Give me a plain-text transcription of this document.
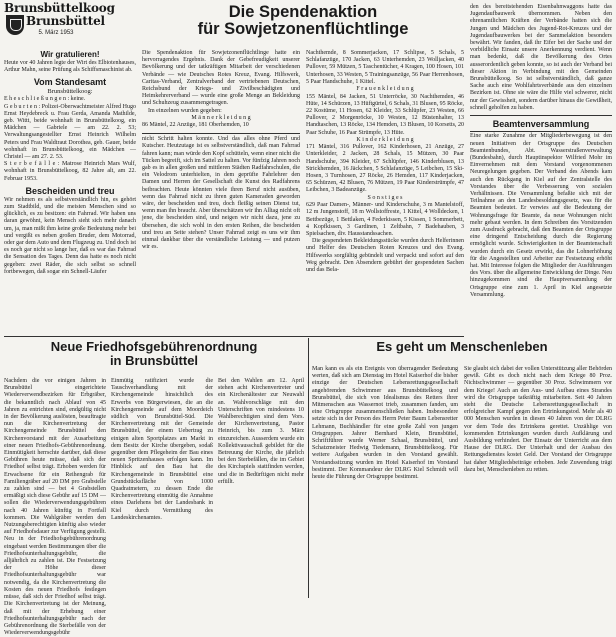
Brunsbüttelkoog
Brunsbüttel
5. März 1953
Wir gratulieren!

Heute vor 40 Jahren legte der Wirt des Elbiotenhauses, Arthur Mahn, seine Prüfung als Schiffsmaschinist ab.

Vom Standesamt
Brunsbüttelkoog:

E h e s c h l i e ß u n g e n : keine.

G e b u r t e n : Polizei-Oberwachtmeister Alfred Hugo Ernst Heydebreck u. Frau Gerda, Amanda Mathilde, geb. Wittt, beide wohnhaft in Brunsbüttelkoog, ein Mädchen — Gabriele — am 22. 2. 53; Verwaltungsangestellter Ernst Heinrich Wilhelm Peters und Frau Waldtraut Dorothea, geb. Gauer, beide wohnhaft in Brunsbüttelkoog, ein Mädchen — Christel — am 27. 2. 53.

S t e r b e f ä l l e : Matrose Heinrich Mars Wulf, wohnhaft in Brunsbüttelkoog, 82 Jahre alt, am 22. Februar 1953.

Bescheiden und treu

Wir nehmen es als selbstverständlich hin, es gehört zum Stadtbild, und die meisten Menschen sind so glücklich, es zu besitzen: ein Fahrrad. Wir haben uns daran gewöhnt, kein Mensch sieht sich mehr danach um, ja, man mißt ihm keine große Bedeutung mehr bei und vergißt es neben großen Bruder, dem Motorrad, oder gar dem Auto und dem Flugzeug zu. Und doch ist es noch gar nicht so lange her, daß es war das Fahrrad die Sensation des Tages. Denn das hatte es noch nicht gegeben: zwei Räder, die sich selbst so schnell fortbewegen, daß sogar ein Schnell-Läufer

Die Spendenaktion
für Sowjetzonenflüchtlinge

Die Spendenaktion für Sowjetzonenflüchtlinge hatte ein hervorragendes Ergebnis. Dank der Gebefreudigkeit unserer Bevölkerung und der tatkräftigen Mitarbeit der verschiedenen Verbände — wie Deutsches Rotes Kreuz, Evang. Hilfswerk, Caritas-Verband, Zentralverband der vertriebenen Deutschen, Reichsbund der Kriegs- und Zivilbeschädigten und Heimkehrerverband — wurde eine große Menge an Bekleidung und Schuhzeug zusammengetragen.

Im einzelnen wurden gegeben:

M ä n n e r k l e i d u n g

86 Mäntel, 22 Anzüge, 181 Oberhemden, 10

nicht Schritt halten konnte. Und das alles ohne Pferd und Kutscher. Heutzutage ist es selbstverständlich, daß man Fahrrad fahren kann; man würde den Kopf schütteln, wenn einer nicht die Tücken begreift, sich im Sattel zu halten. Vor fünfzig Jahren noch gab es in allen großen und mittleren Städten Radfahrschulen, die ein Velodrom unterhielten, in dem geprüfte Fahrlehrer den Damen und Herren der Gesellschaft die Kunst des Radfahrens beibrachten. Heute könnten viele ihren Beruf nicht ausüben, wenn das Fahrrad nicht zu ihren guten Kameraden geworden wäre, der bescheiden und treu, doch fleißig seinen Dienst tut, wenn man ihn braucht. Aber überschätzen wir ihn Alltag nicht oft jene, die bescheiden sind, und neigen wir nicht dazu, jene zu übersehen, die sich wohl in den ersten Reihen, die bescheiden und treu an Seite stehen? Unser Fahrrad zeigt es uns wir ihm einmal dankbar über die verständliche Leistung — und putzen wir es.

Nachthemde, 8 Sommerjacken, 17 Schlipse, 5 Schals, 5 Schlafanzüge, 170 Jacken, 63 Unterhemden, 23 Wolljacken, 40 Pullover, 59 Mützen, 5 Taschentücher, 4 Kragen, 100 Hosen, 101 Unterhosen, 33 Westen, 5 Trainingsanzüge, 56 Paar Herrenhosen, 5 Paar Handschuhe, 1 Kittel.

F r a u e n k l e i d u n g

155 Mäntel, 84 Jacken, 51 Unterröcke, 30 Nachthemden, 46 Hüte, 14 Schürzen, 13 Hüftgürtel, 6 Schals, 31 Blusen, 95 Röcke, 22 Kostüme, 11 Hosen, 62 Kleider, 33 Schlüpfer, 23 Westen, 66 Pullover, 2 Morgenröcke, 10 Westen, 12 Büstenhalter, 13 Handtaschen, 13 Röcke, 134 Hemden, 13 Blusen, 10 Korsetts, 20 Paar Schuhe, 16 Paar Strümpfe, 13 Hüte.

K i n d e r k l e i d u n g

171 Mäntel, 316 Pullover, 162 Kinderhosen, 21 Anzüge, 27 Unterkleider, 2 Jacken, 28 Schals, 15 Mützen, 30 Paar Handschuhe, 394 Kleider, 67 Schlüpfer, 146 Kinderblusen, 13 Strickhemden, 16 Jäckchen, 5 Schlafanzüge, 5 Leibchen, 15 Ski-Hosen, 3 Turnhosen, 27 Röcke, 26 Hemden, 117 Kinderjacken, 65 Schürzen, 42 Blusen, 76 Mützen, 19 Paar Kinderstrümpfe, 47 Leibchen, 3 Badeanzüge.

S o n s t i g e s

629 Paar Damen-, Männer- und Kinderschuhe, 3 m Mantelstoff, 12 m Jungenstoff, 18 m Wollstoffreste, 1 Kittel, 4 Wolldecken, 1 Bettbezüge, 1 Bettlaken, 4 Federkissen, 5 Kissen, 1 Sommerbett, 4 Kopfkissen, 3 Gardinen, 1 Zeltbahn, 7 Badehauben, 3 Spielsachen, div. Hausstandssachen.

Die gespendeten Bekleidungsstücke wurden durch Helferinnen und Helfer des Deutschen Roten Kreuzes und des Evang. Hilfswerks sorgfältig gebündelt und verpackt und sofort auf den Weg gebracht. Den Absendern gebührt der gespendeten Sachen und das Bela-

den des bereitstehenden Eisenbahnwaggons hatte das Jugendaufbauwerk übernommen. Neben den ehrenamtlichen Kräften der Verbände hatten sich die Jungen und Mädchen des Jugend-Rot-Kreuzes und der Jugendaufbauwerkes bei der Sammelaktion besonders bewährt. Wir fanden, daß ihr Eifer bei der Sache und der vorbildliche Einsatz unsere Anerkennung verdient. Wenn man bedenkt, daß die Bevölkerung des Ortes ausserordentlich geben konnte, so ist auch der Verband bei dieser Aktion in Verbindung mit den Gemeinden Brunsbüttelkoog. So ist selbstverständlich, daß ganze Sache auch eine Wohlfahrtsverbände aus den einzelnen Bezirken ist. Ohne sie wäre die Hilfe viel schwerer, nicht nur der Gewissheit, sondern darüber hinaus die Gewißheit, schnell geholfen zu haben.

Beamtenversammlung

Eine starke Zunahme der Mitgliederbewegung ist den neuen Initiativen der Ortsgruppe des Deutschen Beamtenbundes, Abt. Wasserstraßenverwaltung (Bundesbahn), durch Hauptinspektor Wilfried Mohr im Einvernehmen mit dem Vorstand vorgenommenen Neuregelungen gegeben. Der Verband des Abends kam auch den Rückgang in Kiel auf der Zentralstelle des Vorstandes über die Verbesserung von sozialen Verhältnissen. Die Versammlung befaßte sich mit der Teilnahme an den Landesbesoldungsgesetz, was für die Beamten bedeutet. Er verwies auf die Bedeutung der Wohnungsfrage für Beamte, da neue Wohnungen nicht mehr gebaut werden. In dem Schreiben des Vorsitzenden zum Ausdruck gebracht, daß den Beamten der Ortsgruppe eine dringend Entscheidung durch die Regierung ermöglicht wurde. Schwierigkeiten in der Beamtenschaft wurden durch ein Gesetz erwirkt, das die Lohnerhöhung für die Angestellten und Arbeiter zur Festsetzung erhöht hat. Mit Interesse folgten die Mitglieder der Ausführungen des Vors. über die allgemeine Entwicklung der Dinge. Neu hinzugekommen sind die Hauptversammlung der Ortsgruppe eine zum 1. April in Kiel angesetzte Versammlung.

Neue Friedhofsgebührenordnung
in Brunsbüttel

Nachdem die vor einigen Jahren in Brunsbüttel eingerichtete Wiederverwendbezirken für Erbgräber, die bekanntlich nach Ablauf von 45 Jahren zu entrichten sind, endgültig nicht in der Bevölkerung auslösten, beauftragte nun die Kirchenvertretung der Kirchengemeinde Brunsbüttel den Kirchenvorstand mit der Ausarbeitung einer neuen Friedhofs-Gebührenordnung. Einmütigkeit herrschte darüber, daß diese Gebühren heute müsse, daß sich der Friedhof selbst trägt. Erhoben werden für Erwachsene für ein Reihengrab für Familiengräber auf 20 DM pro Grabstelle zu zahlen sind — bei 4 Grabstellen ermäßigt sich diese Gebühr auf 15 DM — sollen die Wiederverwendungsgebühren nach 40 Jahren künftig in Fortfall kommen. Die Wahlgräber werden den Nutzungsberechtigten künftig also wieder auf Friedhofsdauer zur Verfügung gestellt. Neu in der Friedhofsgebührenordnung eingebaut werden Bestimmungen über die Friedhofsunterhaltungsgebühr, die alljährlich zu zahlen ist. Die Festsetzung der Höhe dieser Friedhofsunterhaltungsgebühr war notwendig, da die Kirchenvertretung die Kosten des neuen Friedhofs festlegen müsse, daß sich der Friedhof selbst trägt. Die Kirchenvertretung ist der Meinung, daß mit der Erhebung einer Friedhofsunterhaltungsgebühr nach der Gebührenordnung die Sterbefälle von der Wiederverwendungsgebühr

Einmütig ratifiziert wurde die Tauschverhandlung mit der Kirchengemeinde hinsichtlich des Erwerbs von Bürgerwiesen, die an die Kirchengemeinde auf dem Moordeich südlich von Brunsbüttel-Süd. Die Kirchenvertretung mit der Gemeinde Brunsbüttel, der einem Uebertrag zu einigen alten Sportplatzes am Markt in dem Besitz der Kirche übergeben, sodaß gegenüber dem Pflegeheim der Bau eines neuen Spritzenhauses erfolgen kann. Im Hinblick auf den Bau hat die Kirchengemeinde in Brunsbüttel eine Grundstücksfläche von 1000 Quadratmetern, zu dessen Ende die Kirchenvertretung einmütig die Annahme eines Darlehens bei der Landesbank in Kiel durch Vermittlung des Landeskirchenamtes.

Bei den Wahlen am 12. April stehen acht Kirchenvertreter und ein Kirchenältester zur Neuwahl an. Wahlvorschläge mit den Unterschriften von mindestens 10 Wahlberechtigten sind dem Vors. der Kirchenvertretung, Pastor Heinrich, bis zum 3. März einzureichen. Ausserdem wurde ein Kollektivausschuß gebildet für die Betreuung der Kirche, die jährlich bei den Sterbefällen, die im Gebiet des Kirchspiels stattfinden werden, und die in Bedürftigen nicht mehr erfüllt.

Es geht um Menschenleben

Man kann es als ein Ereignis von überragender Bedeutung werten, daß sich am Dienstag im Hotel Kaiserhof die bisher einzige der Deutschen Lebensrettungsgesellschaft angehörenden Schwimmer aus Brunsbüttelkoog und Brunsbüttel, die sich von Idealismus des Retters ihrer Mitmenschen aus Wassernot trieb, zusammen fanden, um eine Ortsgruppe zusammenschließen haben. Insbesondere setzte sich in der Person des Herrn Peter Baum Lebensretter Lehmann, Buchhändler für eine große Zahl von jungen Ortsgruppen. Jahrer Bernhard Klein, Brunsbüttel, Schriftführer wurde Werner Schaal, Brunsbüttel, und Schatzmeister Hedwig Tiedemann, Brunsbüttelkoog. Für weitere Aufgaben wurden in den Vorstand gewählt. Vorstandssitzung wurden im Hotel Kaiserhof im Vorstand bestimmt. Der Kommandeur der DLRG Kiel Schmidt will heute die Führung der Ortsgruppe bestimmt.

Sie glaubt sich dabei der vollen Unterstützung aller Behörden gewiß. Gibt es doch nicht nach dem Kriege 80 Proz. Nichtschwimmer — gegenüber 30 Proz. Schwimmern vor dem Kriege! Auch an den Aus- und Aufbau eines Strandes wird die Ortsgruppe tatkräftig mitarbeiten. Seit 40 Jahren steht die Deutsche Lebensrettungsgesellschaft in erfolgreicher Kampf gegen den Ertrinkungstod. Mehr als 40 000 Menschen wurden in diesen 40 Jahren von der DLRG vor dem Tode des Ertrinkens gerettet. Unzählige von kommenden Ertrinkungen wurden durch Aufklärung und Ausbildung verhindert. Der Einsatz der Unterricht aus dem Hause der DLRG. Der Unterhalt und der Ausbau des Rettungsdienstes kostet Geld. Der Vorstand der Ortsgruppe hat daher Mitgliedsbeiträge erhoben. Jede Zuwendung trägt dazu bei, Menschenleben zu retten.
